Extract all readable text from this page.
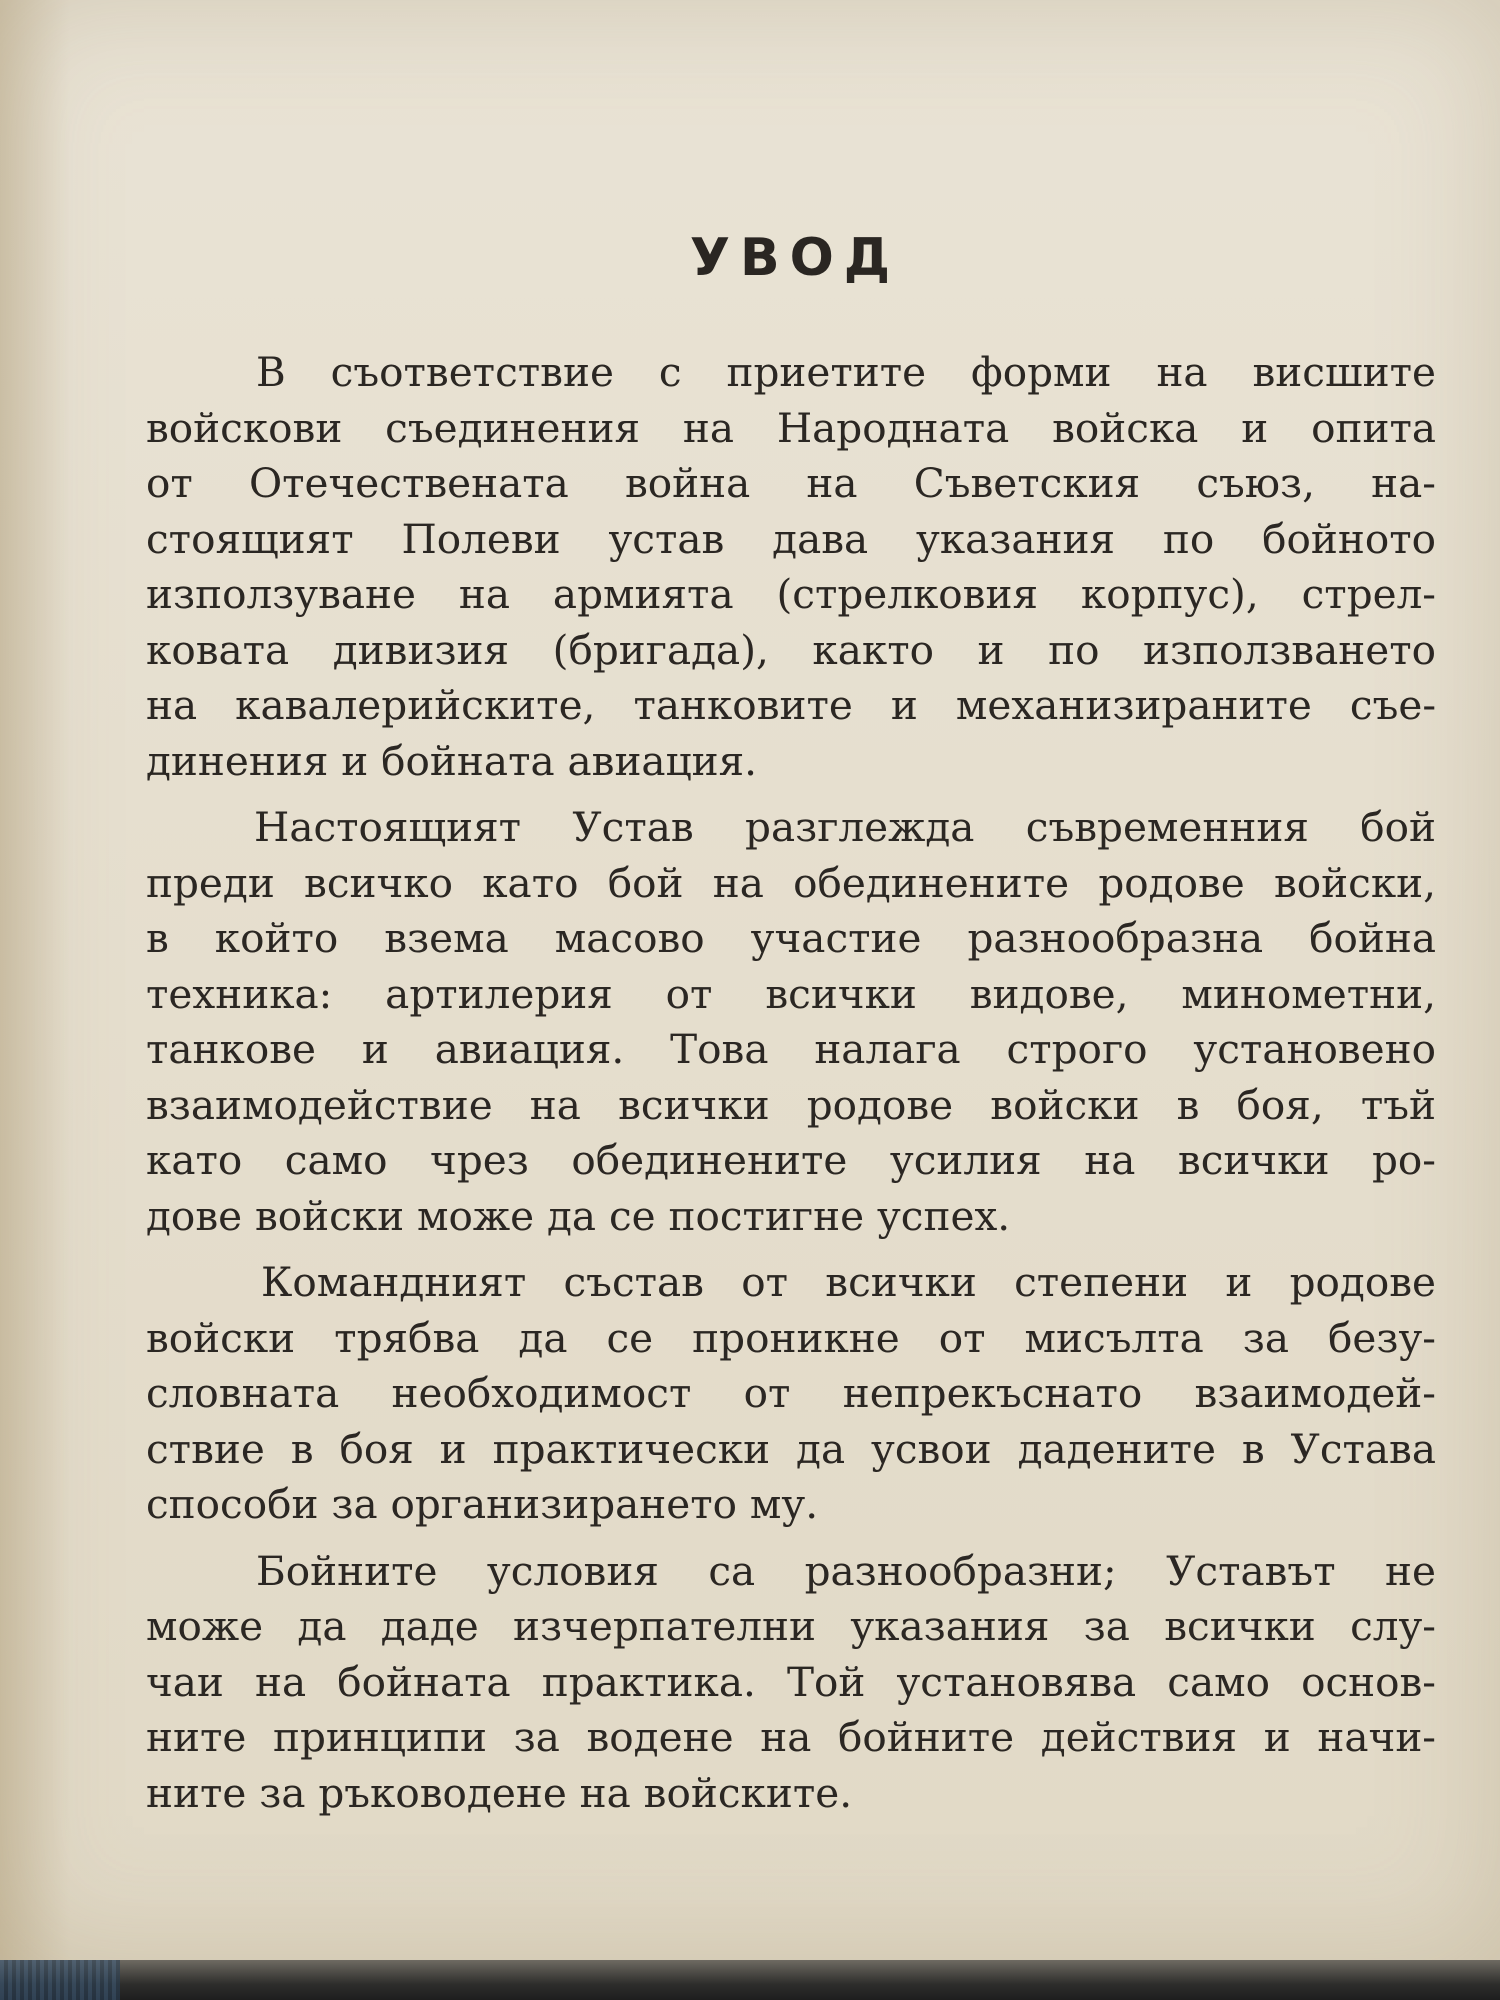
УВОД
В съответствие с приетите форми на висшите
войскови съединения на Народната войска и опита
от Отечествената война на Съветския съюз, на-
стоящият Полеви устав дава указания по бойното
използуване на армията (стрелковия корпус), стрел-
ковата дивизия (бригада), както и по използването
на кавалерийските, танковите и механизираните съе-
динения и бойната авиация.
Настоящият Устав разглежда съвременния бой
преди всичко като бой на обединените родове войски,
в който взема масово участие разнообразна бойна
техника: артилерия от всички видове, минометни,
танкове и авиация. Това налага строго установено
взаимодействие на всички родове войски в боя, тъй
като само чрез обединените усилия на всички ро-
дове войски може да се постигне успех.
Командният състав от всички степени и родове
войски трябва да се проникне от мисълта за безу-
словната необходимост от непрекъснато взаимодей-
ствие в боя и практически да усвои дадените в Устава
способи за организирането му.
Бойните условия са разнообразни; Уставът не
може да даде изчерпателни указания за всички слу-
чаи на бойната практика. Той установява само основ-
ните принципи за водене на бойните действия и начи-
ните за ръководене на войските.
